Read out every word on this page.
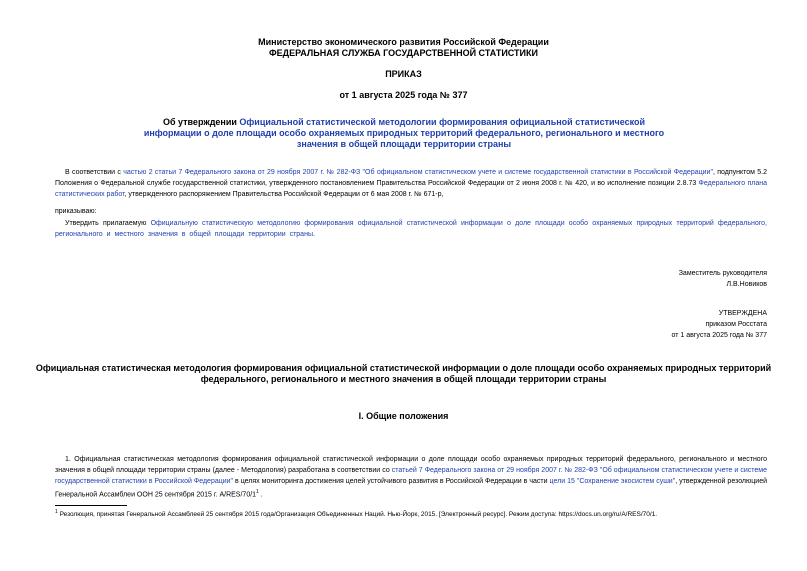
Министерство экономического развития Российской Федерации
ФЕДЕРАЛЬНАЯ СЛУЖБА ГОСУДАРСТВЕННОЙ СТАТИСТИКИ
ПРИКАЗ
от 1 августа 2025 года № 377
Об утверждении Официальной статистической методологии формирования официальной статистической информации о доле площади особо охраняемых природных территорий федерального, регионального и местного значения в общей площади территории страны
В соответствии с частью 2 статьи 7 Федерального закона от 29 ноября 2007 г. № 282-ФЗ "Об официальном статистическом учете и системе государственной статистики в Российской Федерации", подпунктом 5.2 Положения о Федеральной службе государственной статистики, утвержденного постановлением Правительства Российской Федерации от 2 июня 2008 г. № 420, и во исполнение позиции 2.8.73 Федерального плана статистических работ, утвержденного распоряжением Правительства Российской Федерации от 6 мая 2008 г. № 671-р,
приказываю:
Утвердить прилагаемую Официальную статистическую методологию формирования официальной статистической информации о доле площади особо охраняемых природных территорий федерального, регионального и местного значения в общей площади территории страны.
Заместитель руководителя
Л.В.Новиков
УТВЕРЖДЕНА
приказом Росстата
от 1 августа 2025 года № 377
Официальная статистическая методология формирования официальной статистической информации о доле площади особо охраняемых природных территорий федерального, регионального и местного значения в общей площади территории страны
I. Общие положения
1. Официальная статистическая методология формирования официальной статистической информации о доле площади особо охраняемых природных территорий федерального, регионального и местного значения в общей площади территории страны (далее - Методология) разработана в соответствии со статьей 7 Федерального закона от 29 ноября 2007 г. № 282-ФЗ "Об официальном статистическом учете и системе государственной статистики в Российской Федерации" в целях мониторинга достижения целей устойчивого развития в Российской Федерации в части цели 15 "Сохранение экосистем суши", утвержденной резолюцией Генеральной Ассамблеи ООН 25 сентября 2015 г. $A/RES/70/1^1$ .
$^1$ Резолюция, принятая Генеральной Ассамблеей 25 сентября 2015 года/Организация Объединенных Наций. Нью-Йорк, 2015. [Электронный ресурс]. Режим доступа: https://docs.un.org/ru/A/RES/70/1.
